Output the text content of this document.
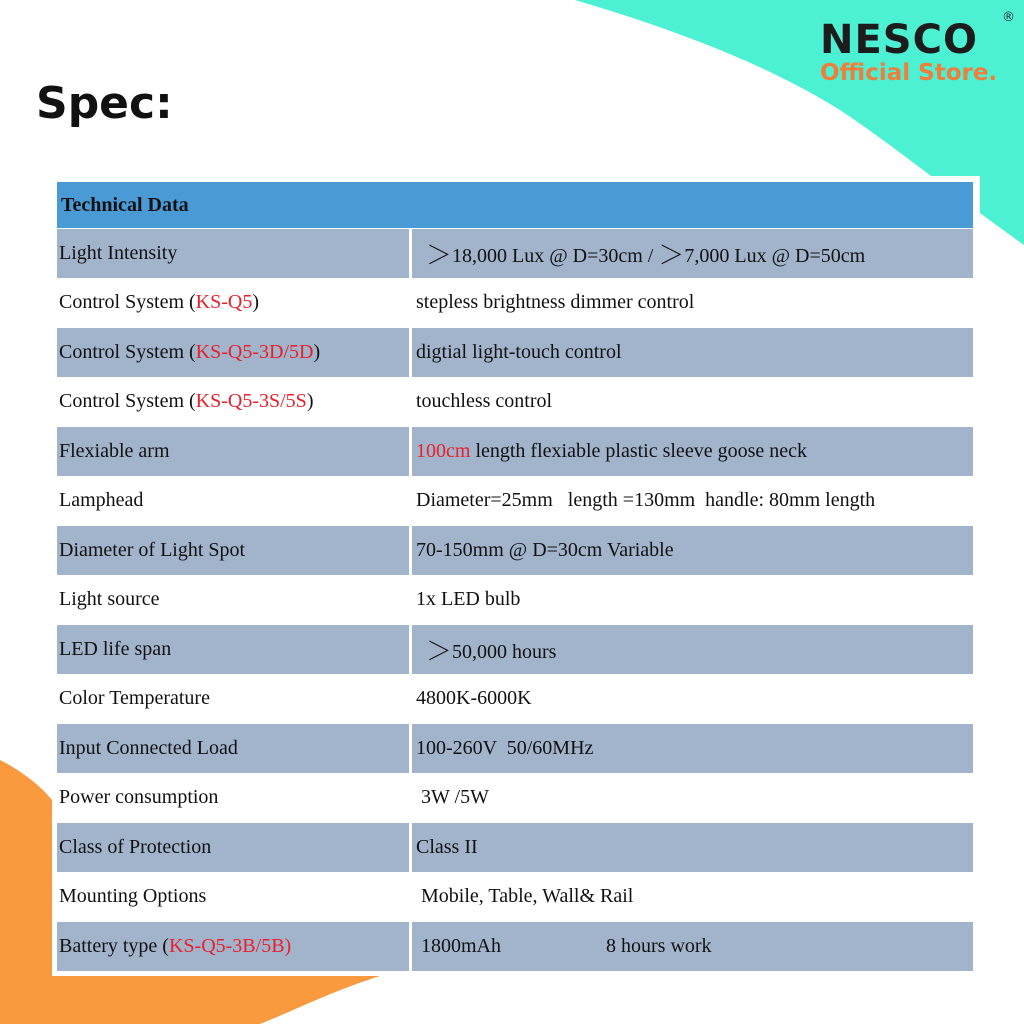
NESCO ®
Official Store.
Spec:
Technical Data	
Light Intensity	＞18,000 Lux @ D=30cm / ＞7,000 Lux @ D=50cm
Control System (KS-Q5)	stepless brightness dimmer control
Control System (KS-Q5-3D/5D)	digtial light-touch control
Control System (KS-Q5-3S/5S)	touchless control
Flexiable arm	100cm length flexiable plastic sleeve goose neck
Lamphead	Diameter=25mm   length =130mm  handle: 80mm length
Diameter of Light Spot	70-150mm @ D=30cm Variable
Light source	1x LED bulb
LED life span	＞50,000 hours
Color Temperature	4800K-6000K
Input Connected Load	100-260V  50/60MHz
Power consumption	3W /5W
Class of Protection	Class II
Mounting Options	Mobile, Table, Wall& Rail
Battery type (KS-Q5-3B/5B)	1800mAh 8 hours work
